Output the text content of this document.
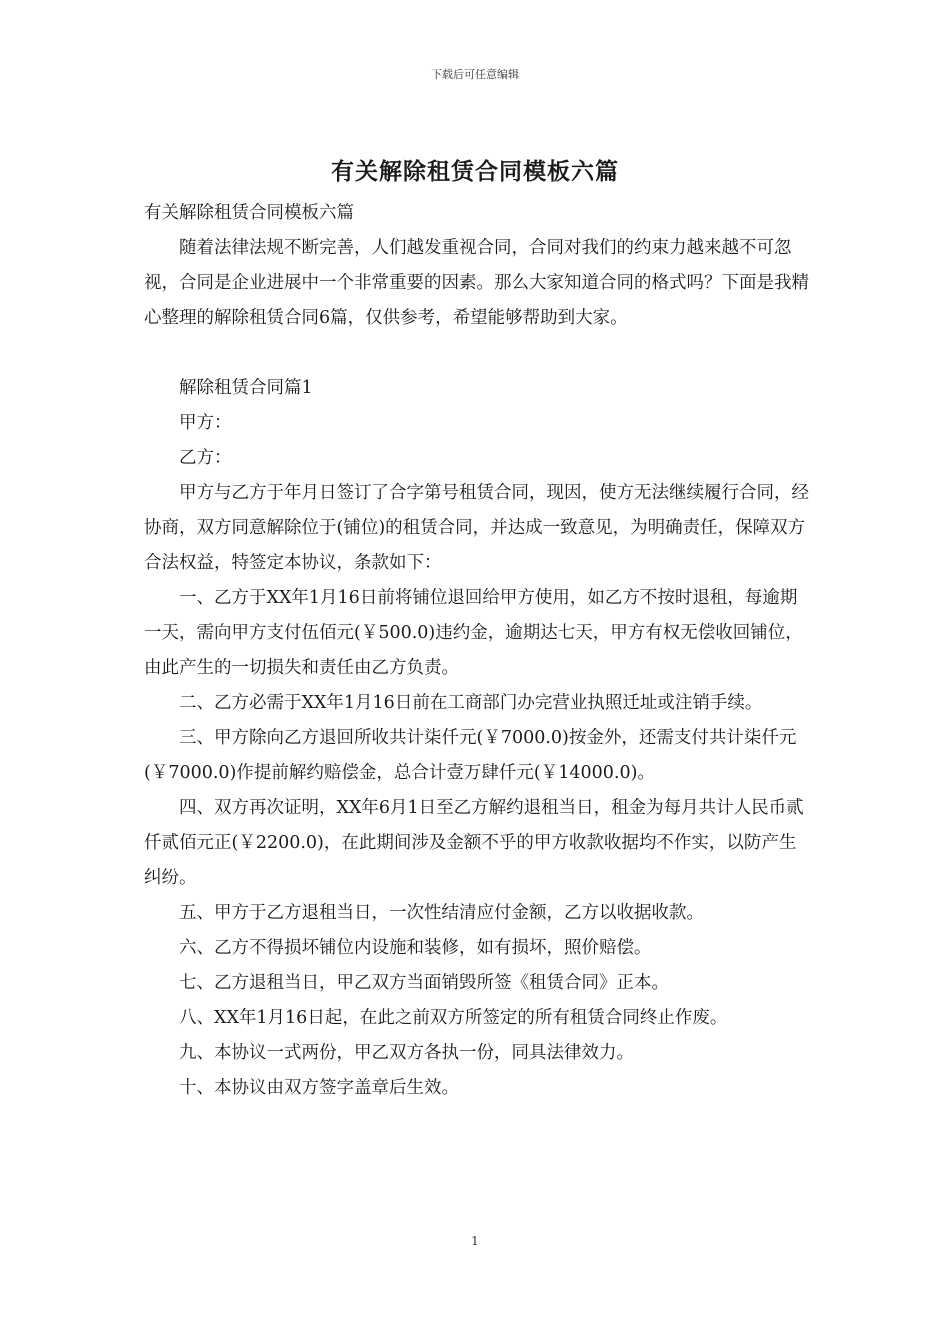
下载后可任意编辑
有关解除租赁合同模板六篇

有关解除租赁合同模板六篇

随着法律法规不断完善，人们越发重视合同，合同对我们的约束力越来越不可忽视，合同是企业进展中一个非常重要的因素。那么大家知道合同的格式吗？下面是我精心整理的解除租赁合同6篇，仅供参考，希望能够帮助到大家。

解除租赁合同篇1

甲方：

乙方：

甲方与乙方于年月日签订了合字第号租赁合同，现因，使方无法继续履行合同，经协商，双方同意解除位于(铺位)的租赁合同，并达成一致意见，为明确责任，保障双方合法权益，特签定本协议，条款如下：

一、乙方于XX年1月16日前将铺位退回给甲方使用，如乙方不按时退租，每逾期一天，需向甲方支付伍佰元(￥500.0)违约金，逾期达七天，甲方有权无偿收回铺位，由此产生的一切损失和责任由乙方负责。

二、乙方必需于XX年1月16日前在工商部门办完营业执照迁址或注销手续。

三、甲方除向乙方退回所收共计柒仟元(￥7000.0)按金外，还需支付共计柒仟元(￥7000.0)作提前解约赔偿金，总合计壹万肆仟元(￥14000.0)。

四、双方再次证明，XX年6月1日至乙方解约退租当日，租金为每月共计人民币贰仟贰佰元正(￥2200.0)，在此期间涉及金额不乎的甲方收款收据均不作实，以防产生纠纷。

五、甲方于乙方退租当日，一次性结清应付金额，乙方以收据收款。

六、乙方不得损坏铺位内设施和装修，如有损坏，照价赔偿。

七、乙方退租当日，甲乙双方当面销毁所签《租赁合同》正本。

八、XX年1月16日起，在此之前双方所签定的所有租赁合同终止作废。

九、本协议一式两份，甲乙双方各执一份，同具法律效力。

十、本协议由双方签字盖章后生效。

1
